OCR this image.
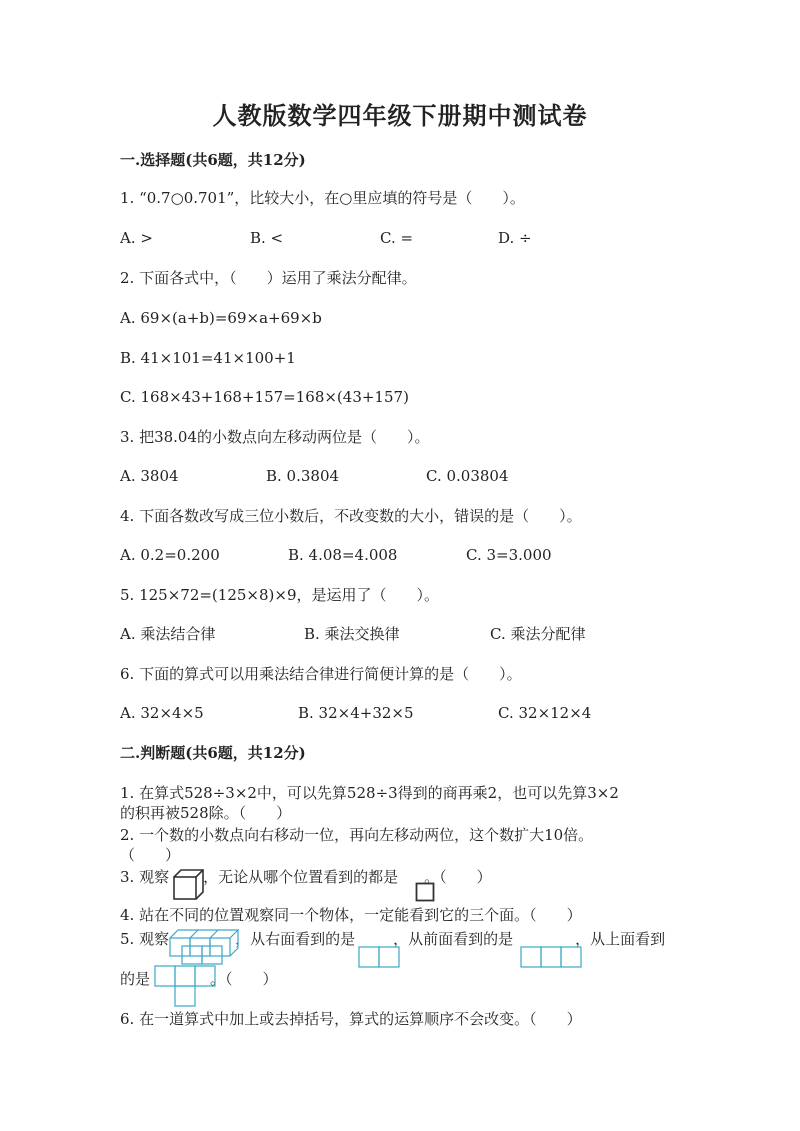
人教版数学四年级下册期中测试卷
一.选择题(共6题，共12分)
1. “0.7○0.701”，比较大小，在○里应填的符号是（　　）。
A. >	B. <	C. =	D. ÷
2. 下面各式中，（　　）运用了乘法分配律。
A. 69×(a+b)=69×a+69×b
B. 41×101=41×100+1
C. 168×43+168+157=168×(43+157)
3. 把38.04的小数点向左移动两位是（　　）。
A. 3804	B. 0.3804	C. 0.03804
4. 下面各数改写成三位小数后，不改变数的大小，错误的是（　　）。
A. 0.2=0.200	B. 4.08=4.008	C. 3=3.000
5. 125×72=(125×8)×9，是运用了（　　）。
A. 乘法结合律	B. 乘法交换律	C. 乘法分配律
6. 下面的算式可以用乘法结合律进行简便计算的是（　　）。
A. 32×4×5	B. 32×4+32×5	C. 32×12×4
二.判断题(共6题，共12分)
1. 在算式528÷3×2中，可以先算528÷3得到的商再乘2，也可以先算3×2
的积再被528除。（　　）
2. 一个数的小数点向右移动一位，再向左移动两位，这个数扩大10倍。
（　　）
3. 观察 ，无论从哪个位置看到的都是 。（　　）
4. 站在不同的位置观察同一个物体，一定能看到它的三个面。（　　）
5. 观察	，从右面看到的是	，从前面看到的是	，从上面看到
的是	。（　　）
6. 在一道算式中加上或去掉括号，算式的运算顺序不会改变。（　　）
